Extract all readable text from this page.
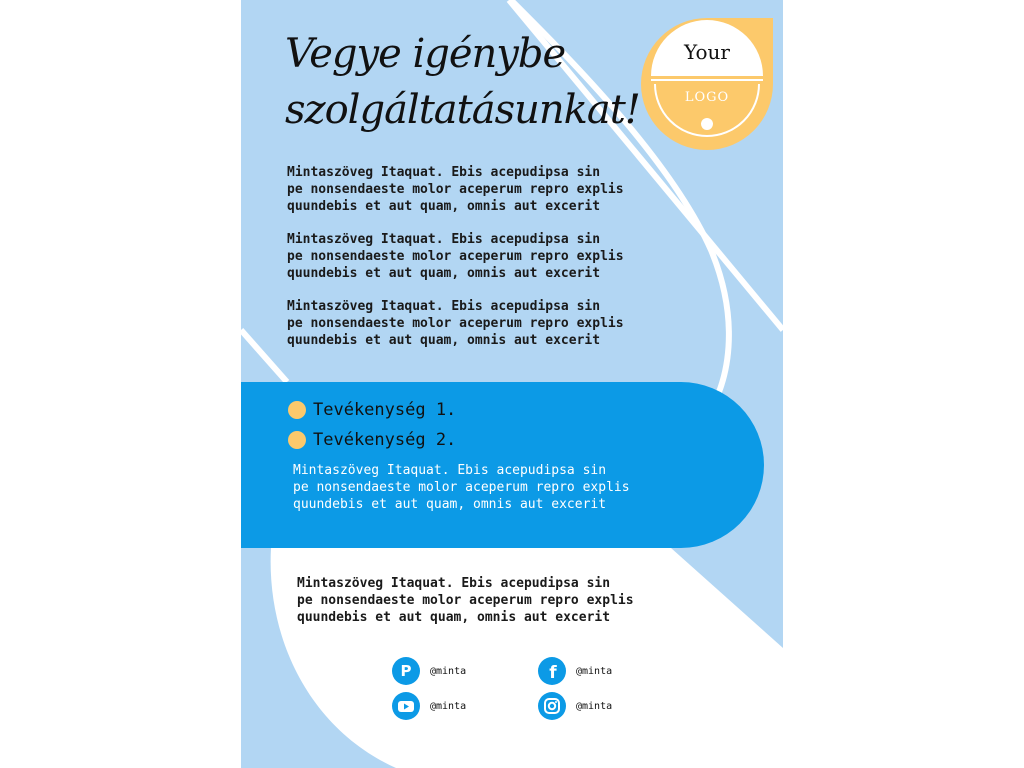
Your
LOGO
Vegye igénybe
szolgáltatásunkat!

Mintaszöveg Itaquat. Ebis acepudipsa sin
pe nonsendaeste molor aceperum repro explis
quundebis et aut quam, omnis aut excerit

Mintaszöveg Itaquat. Ebis acepudipsa sin
pe nonsendaeste molor aceperum repro explis
quundebis et aut quam, omnis aut excerit

Mintaszöveg Itaquat. Ebis acepudipsa sin
pe nonsendaeste molor aceperum repro explis
quundebis et aut quam, omnis aut excerit

Tevékenység 1.
Tevékenység 2.

Mintaszöveg Itaquat. Ebis acepudipsa sin
pe nonsendaeste molor aceperum repro explis
quundebis et aut quam, omnis aut excerit

Mintaszöveg Itaquat. Ebis acepudipsa sin
pe nonsendaeste molor aceperum repro explis
quundebis et aut quam, omnis aut excerit

P @minta	f @minta
@minta	@minta
